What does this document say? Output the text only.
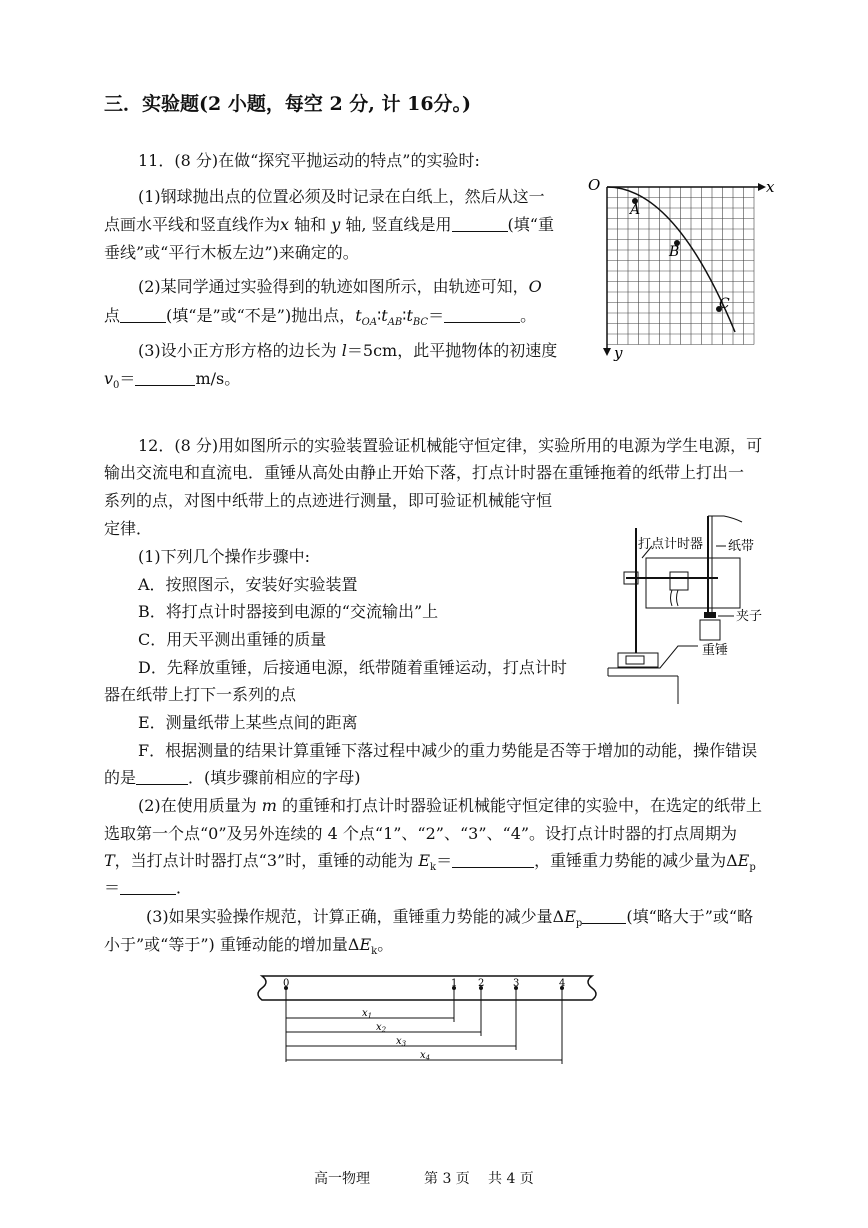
三．实验题(2 小题，每空 2 分, 计 16分。)
11．(8 分)在做“探究平抛运动的特点”的实验时:
(1)钢球抛出点的位置必须及时记录在白纸上，然后从这一
点画水平线和竖直线作为x 轴和 y 轴, 竖直线是用	(填“重
垂线”或“平行木板左边”)来确定的。
(2)某同学通过实验得到的轨迹如图所示，由轨迹可知，O
点	(填“是”或“不是”)抛出点，$t_{OA}∶t_{AB}∶t_{BC}=$	。
(3)设小正方形方格的边长为 l＝5cm，此平抛物体的初速度
$v_0=$	m/s。
O	x
y
A
B
C
12．(8 分)用如图所示的实验装置验证机械能守恒定律，实验所用的电源为学生电源，可
输出交流电和直流电．重锤从高处由静止开始下落，打点计时器在重锤拖着的纸带上打出一
系列的点，对图中纸带上的点迹进行测量，即可验证机械能守恒
定律．
(1)下列几个操作步骤中:
A．按照图示，安装好实验装置
B．将打点计时器接到电源的“交流输出”上
C．用天平测出重锤的质量
D．先释放重锤，后接通电源，纸带随着重锤运动，打点计时
器在纸带上打下一系列的点
E．测量纸带上某些点间的距离
F．根据测量的结果计算重锤下落过程中减少的重力势能是否等于增加的动能，操作错误
的是	．(填步骤前相应的字母)
(2)在使用质量为 m 的重锤和打点计时器验证机械能守恒定律的实验中，在选定的纸带上
选取第一个点“0”及另外连续的 4 个点“1”、“2”、“3”、“4”。设打点计时器的打点周期为
T，当打点计时器打点“3”时，重锤的动能为 $E_k=$	，重锤重力势能的减少量为$\Delta E_p$
＝	．
(3)如果实验操作规范，计算正确，重锤重力势能的减少量$\Delta E_p$	(填“略大于”或“略
小于”或“等于”) 重锤动能的增加量$\Delta E_k$。
打点计时器 纸带
夹子
重锤
0	1 2	3	4
$x_1$
$x_2$
$x_3$
$x_4$
高一物理	第 3 页 共 4 页
